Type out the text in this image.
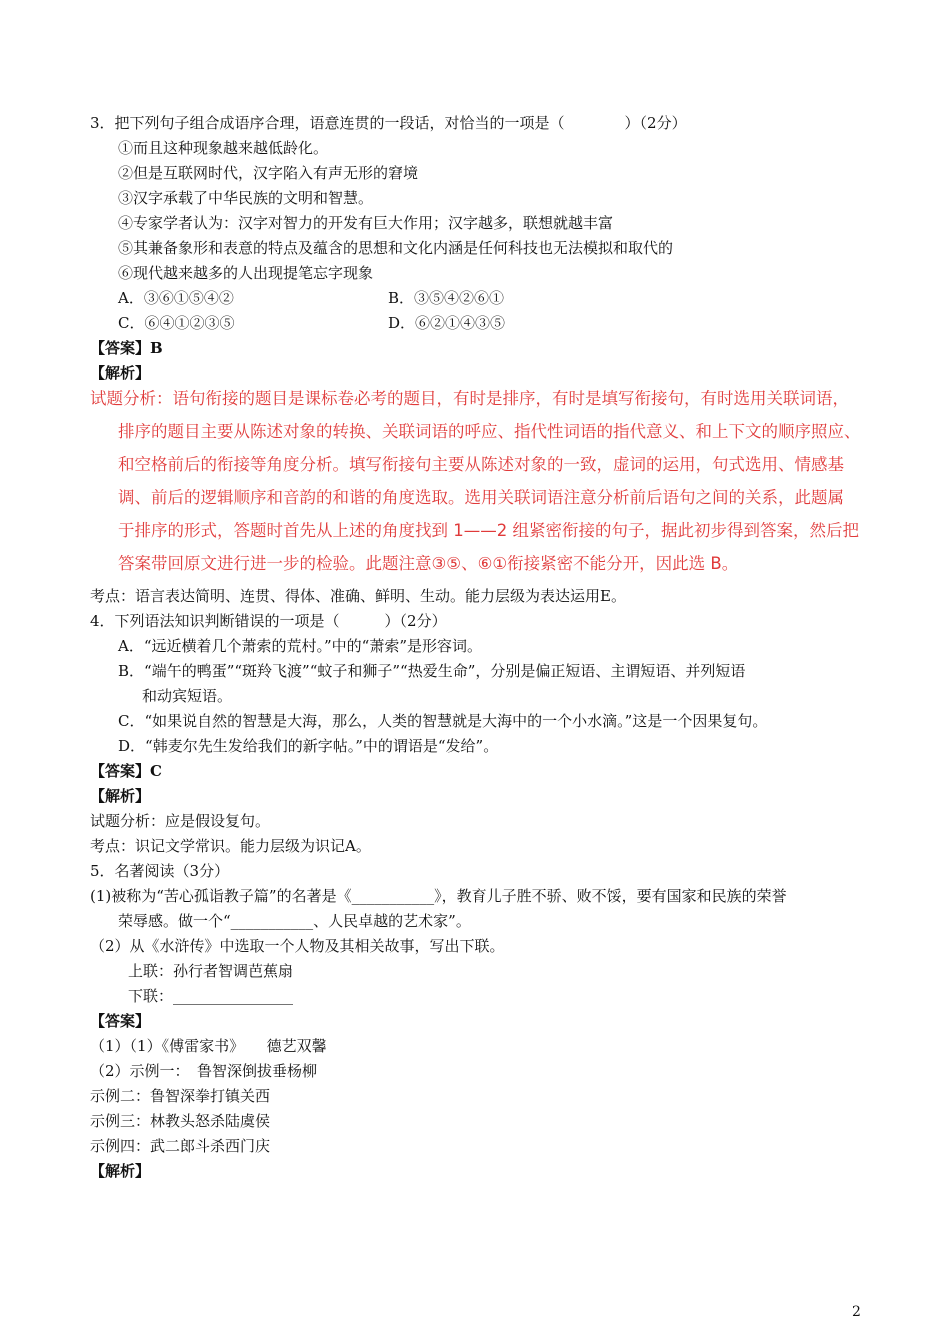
3．把下列句子组合成语序合理，语意连贯的一段话，对恰当的一项是（　　　　）（2分）
①而且这种现象越来越低龄化。
②但是互联网时代，汉字陷入有声无形的窘境
③汉字承载了中华民族的文明和智慧。
④专家学者认为：汉字对智力的开发有巨大作用；汉字越多，联想就越丰富
⑤其兼备象形和表意的特点及蕴含的思想和文化内涵是任何科技也无法模拟和取代的
⑥现代越来越多的人出现提笔忘字现象
A．③⑥①⑤④②	B．③⑤④②⑥①
C．⑥④①②③⑤	D．⑥②①④③⑤
【答案】B
【解析】
试题分析：语句衔接的题目是课标卷必考的题目，有时是排序，有时是填写衔接句，有时选用关联词语，
排序的题目主要从陈述对象的转换、关联词语的呼应、指代性词语的指代意义、和上下文的顺序照应、
和空格前后的衔接等角度分析。填写衔接句主要从陈述对象的一致，虚词的运用，句式选用、情感基
调、前后的逻辑顺序和音韵的和谐的角度选取。选用关联词语注意分析前后语句之间的关系，此题属
于排序的形式，答题时首先从上述的角度找到 1——2 组紧密衔接的句子，据此初步得到答案，然后把
答案带回原文进行进一步的检验。此题注意③⑤、⑥①衔接紧密不能分开，因此选 B。
考点：语言表达简明、连贯、得体、准确、鲜明、生动。能力层级为表达运用E。
4．下列语法知识判断错误的一项是（　　　）（2分）
A．“远近横着几个萧索的荒村。”中的“萧索”是形容词。
B．“端午的鸭蛋”“斑羚飞渡”“蚊子和狮子”“热爱生命”，分别是偏正短语、主谓短语、并列短语
和动宾短语。
C．“如果说自然的智慧是大海，那么，人类的智慧就是大海中的一个小水滴。”这是一个因果复句。
D．“韩麦尔先生发给我们的新字帖。”中的谓语是“发给”。
【答案】C
【解析】
试题分析：应是假设复句。
考点：识记文学常识。能力层级为识记A。
5．名著阅读（3分）
(1)被称为“苦心孤诣教子篇”的名著是《___________》，教育儿子胜不骄、败不馁，要有国家和民族的荣誉
荣辱感。做一个“___________、人民卓越的艺术家”。
（2）从《水浒传》中选取一个人物及其相关故事，写出下联。
上联：孙行者智调芭蕉扇
下联：________________
【答案】
（1）（1）《傅雷家书》　　德艺双馨
（2）示例一：　鲁智深倒拔垂杨柳
示例二：鲁智深拳打镇关西
示例三：林教头怒杀陆虞侯
示例四：武二郎斗杀西门庆
【解析】
2
